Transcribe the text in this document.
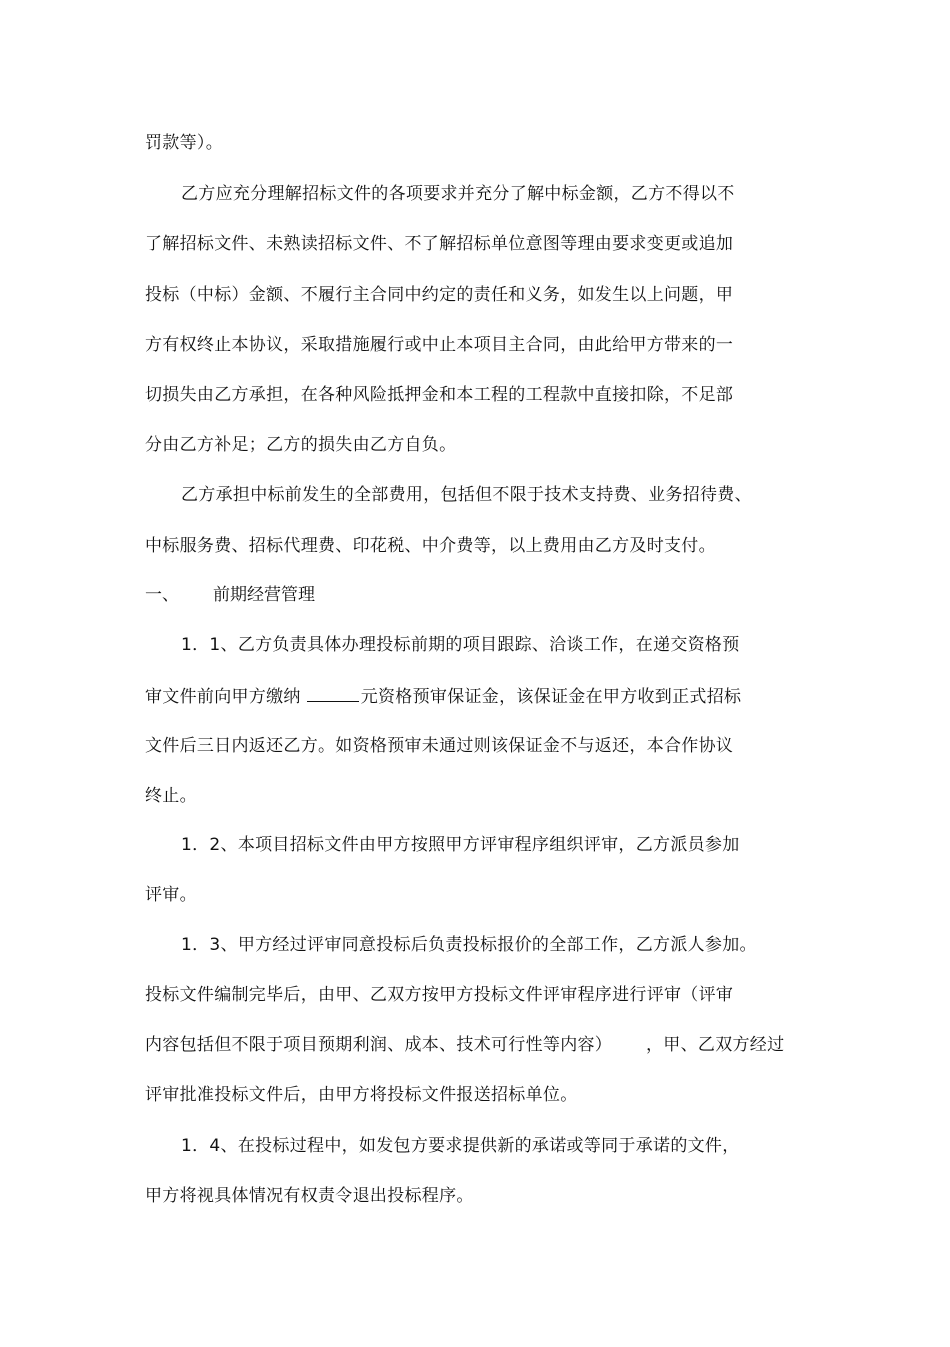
罚款等）。
乙方应充分理解招标文件的各项要求并充分了解中标金额，乙方不得以不
了解招标文件、未熟读招标文件、不了解招标单位意图等理由要求变更或追加
投标（中标）金额、不履行主合同中约定的责任和义务，如发生以上问题，甲
方有权终止本协议，采取措施履行或中止本项目主合同，由此给甲方带来的一
切损失由乙方承担，在各种风险抵押金和本工程的工程款中直接扣除，不足部
分由乙方补足；乙方的损失由乙方自负。
乙方承担中标前发生的全部费用，包括但不限于技术支持费、业务招待费、
中标服务费、招标代理费、印花税、中介费等，以上费用由乙方及时支付。
一、 前期经营管理
1．1、乙方负责具体办理投标前期的项目跟踪、洽谈工作，在递交资格预
审文件前向甲方缴纳	元资格预审保证金，该保证金在甲方收到正式招标
文件后三日内返还乙方。如资格预审未通过则该保证金不与返还，本合作协议
终止。
1．2、本项目招标文件由甲方按照甲方评审程序组织评审，乙方派员参加
评审。
1．3、甲方经过评审同意投标后负责投标报价的全部工作，乙方派人参加。
投标文件编制完毕后，由甲、乙双方按甲方投标文件评审程序进行评审（评审
内容包括但不限于项目预期利润、成本、技术可行性等内容） ，甲、乙双方经过
评审批准投标文件后，由甲方将投标文件报送招标单位。
1．4、在投标过程中，如发包方要求提供新的承诺或等同于承诺的文件，
甲方将视具体情况有权责令退出投标程序。
